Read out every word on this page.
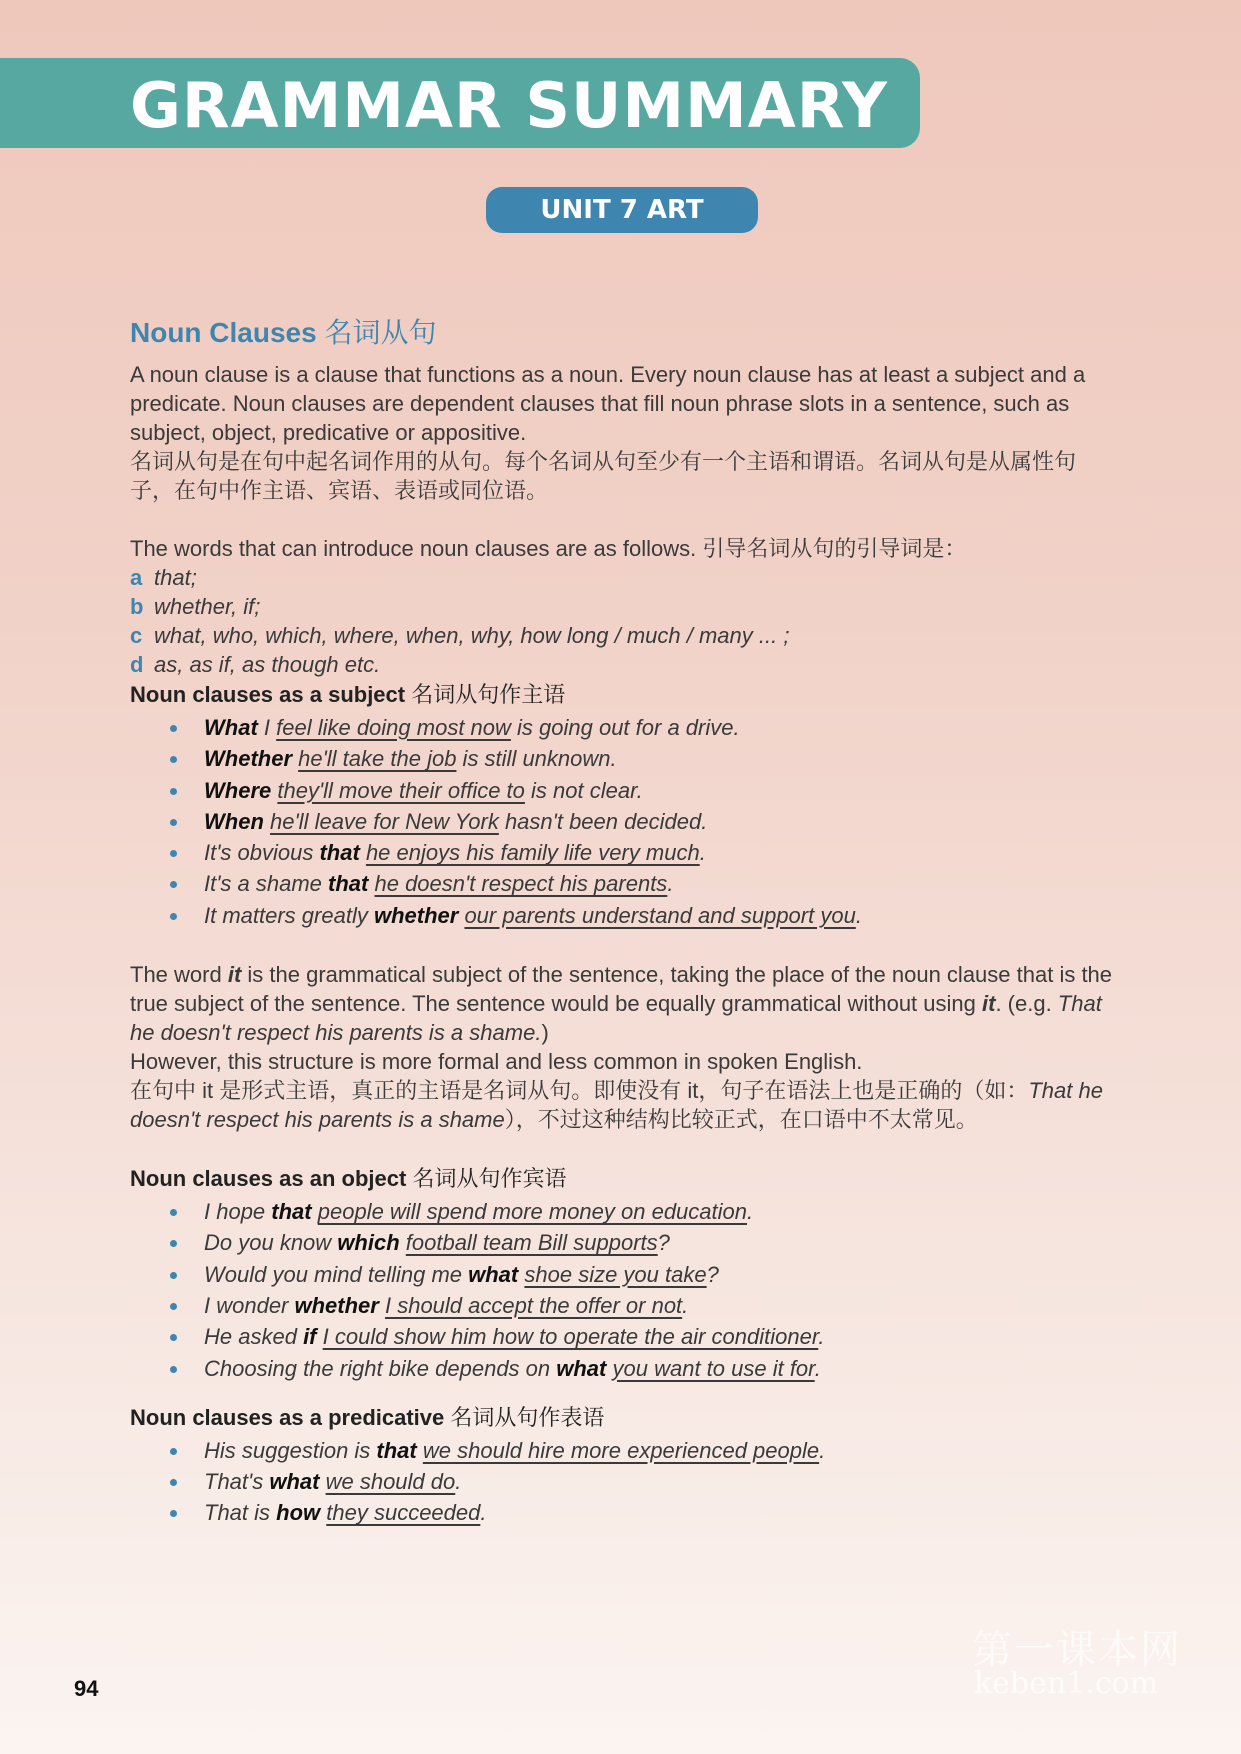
GRAMMAR SUMMARY
UNIT 7 ART
Noun Clauses 名词从句

A noun clause is a clause that functions as a noun. Every noun clause has at least a subject and a predicate. Noun clauses are dependent clauses that fill noun phrase slots in a sentence, such as subject, object, predicative or appositive.

名词从句是在句中起名词作用的从句。每个名词从句至少有一个主语和谓语。名词从句是从属性句子，在句中作主语、宾语、表语或同位语。

The words that can introduce noun clauses are as follows. 引导名词从句的引导词是：

a that;
b whether, if;
c what, who, which, where, when, why, how long / much / many ... ;
d as, as if, as though etc.
Noun clauses as a subject 名词从句作主语
What I feel like doing most now is going out for a drive.
Whether he'll take the job is still unknown.
Where they'll move their office to is not clear.
When he'll leave for New York hasn't been decided.
It's obvious that he enjoys his family life very much.
It's a shame that he doesn't respect his parents.
It matters greatly whether our parents understand and support you.

The word it is the grammatical subject of the sentence, taking the place of the noun clause that is the true subject of the sentence. The sentence would be equally grammatical without using it. (e.g. That he doesn't respect his parents is a shame.)

However, this structure is more formal and less common in spoken English.

在句中 it 是形式主语，真正的主语是名词从句。即使没有 it，句子在语法上也是正确的（如：That he doesn't respect his parents is a shame），不过这种结构比较正式，在口语中不太常见。

Noun clauses as an object 名词从句作宾语
I hope that people will spend more money on education.
Do you know which football team Bill supports?
Would you mind telling me what shoe size you take?
I wonder whether I should accept the offer or not.
He asked if I could show him how to operate the air conditioner.
Choosing the right bike depends on what you want to use it for.
Noun clauses as a predicative 名词从句作表语
His suggestion is that we should hire more experienced people.
That's what we should do.
That is how they succeeded.
94
第一课本网
keben1.com
